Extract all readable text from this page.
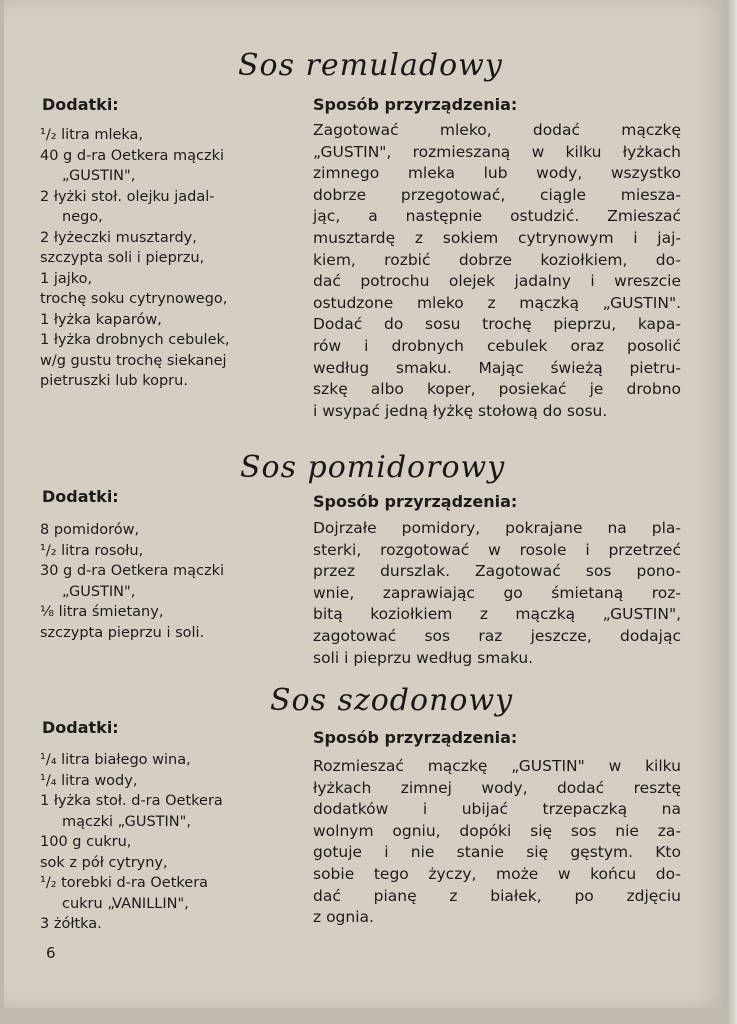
Sos remuladowy
Dodatki:	Sposób przyrządzenia:
¹/₂ litra mleka,
40 g d-ra Oetkera mączki
„GUSTIN",
2 łyżki stoł. olejku jadal-
nego,
2 łyżeczki musztardy,
szczypta soli i pieprzu,
1 jajko,
trochę soku cytrynowego,
1 łyżka kaparów,
1 łyżka drobnych cebulek,
w/g gustu trochę siekanej
pietruszki lub kopru.
Zagotować mleko, dodać mączkę
„GUSTIN", rozmieszaną w kilku łyżkach
zimnego mleka lub wody, wszystko
dobrze przegotować, ciągle miesza-
jąc, a następnie ostudzić. Zmieszać
musztardę z sokiem cytrynowym i jaj-
kiem, rozbić dobrze koziołkiem, do-
dać potrochu olejek jadalny i wreszcie
ostudzone mleko z mączką „GUSTIN".
Dodać do sosu trochę pieprzu, kapa-
rów i drobnych cebulek oraz posolić
według smaku. Mając świeżą pietru-
szkę albo koper, posiekać je drobno
i wsypać jedną łyżkę stołową do sosu.
Sos pomidorowy
Dodatki:	Sposób przyrządzenia:
8 pomidorów,
¹/₂ litra rosołu,
30 g d-ra Oetkera mączki
„GUSTIN",
⅛ litra śmietany,
szczypta pieprzu i soli.
Dojrzałe pomidory, pokrajane na pla-
sterki, rozgotować w rosole i przetrzeć
przez durszlak. Zagotować sos pono-
wnie, zaprawiając go śmietaną roz-
bitą koziołkiem z mączką „GUSTIN",
zagotować sos raz jeszcze, dodając
soli i pieprzu według smaku.
Sos szodonowy
Dodatki:
Sposób przyrządzenia:
¹/₄ litra białego wina,
¹/₄ litra wody,
1 łyżka stoł. d-ra Oetkera
mączki „GUSTIN",
100 g cukru,
sok z pół cytryny,
¹/₂ torebki d-ra Oetkera
cukru „VANILLIN",
3 żółtka.
Rozmieszać mączkę „GUSTIN" w kilku
łyżkach zimnej wody, dodać resztę
dodatków i ubijać trzepaczką na
wolnym ogniu, dopóki się sos nie za-
gotuje i nie stanie się gęstym. Kto
sobie tego życzy, może w końcu do-
dać pianę z białek, po zdjęciu
z ognia.
6
